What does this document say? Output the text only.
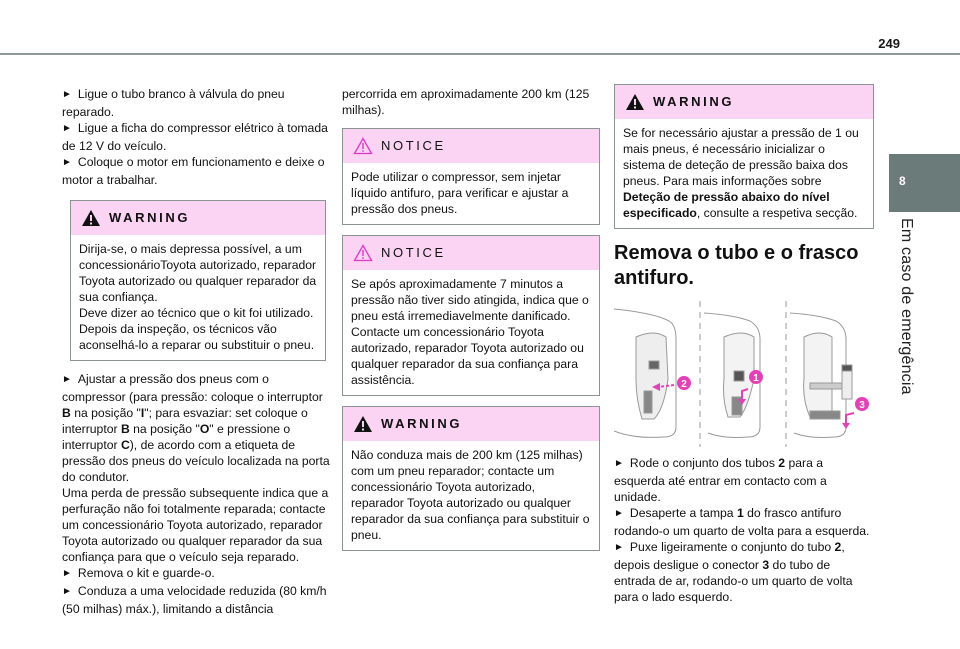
249
8
Em caso de emergência

► Ligue o tubo branco à válvula do pneu reparado.

► Ligue a ficha do compressor elétrico à tomada de 12 V do veículo.

► Coloque o motor em funcionamento e deixe o motor a trabalhar.

WARNING

Dirija-se, o mais depressa possível, a um concessionárioToyota autorizado, reparador Toyota autorizado ou qualquer reparador da sua confiança.

Deve dizer ao técnico que o kit foi utilizado.

Depois da inspeção, os técnicos vão aconselhá-lo a reparar ou substituir o pneu.

► Ajustar a pressão dos pneus com o compressor (para pressão: coloque o interruptor B na posição "I"; para esvaziar: set coloque o interruptor B na posição "O" e pressione o interruptor C), de acordo com a etiqueta de pressão dos pneus do veículo localizada na porta do condutor.

Uma perda de pressão subsequente indica que a perfuração não foi totalmente reparada; contacte um concessionário Toyota autorizado, reparador Toyota autorizado ou qualquer reparador da sua confiança para que o veículo seja reparado.

► Remova o kit e guarde-o.

► Conduza a uma velocidade reduzida (80 km/h (50 milhas) máx.), limitando a distância

percorrida em aproximadamente 200 km (125 milhas).

NOTICE

Pode utilizar o compressor, sem injetar líquido antifuro, para verificar e ajustar a pressão dos pneus.

NOTICE

Se após aproximadamente 7 minutos a pressão não tiver sido atingida, indica que o pneu está irremediavelmente danificado. Contacte um concessionário Toyota autorizado, reparador Toyota autorizado ou qualquer reparador da sua confiança para assistência.

WARNING

Não conduza mais de 200 km (125 milhas) com um pneu reparador; contacte um concessionário Toyota autorizado, reparador Toyota autorizado ou qualquer reparador da sua confiança para substituir o pneu.

WARNING

Se for necessário ajustar a pressão de 1 ou mais pneus, é necessário inicializar o sistema de deteção de pressão baixa dos pneus. Para mais informações sobre Deteção de pressão abaixo do nível especificado, consulte a respetiva secção.

Remova o tubo e o frasco antifuro.
2
1
3

► Rode o conjunto dos tubos 2 para a esquerda até entrar em contacto com a unidade.

► Desaperte a tampa 1 do frasco antifuro rodando-o um quarto de volta para a esquerda.

► Puxe ligeiramente o conjunto do tubo 2, depois desligue o conector 3 do tubo de entrada de ar, rodando-o um quarto de volta para o lado esquerdo.
